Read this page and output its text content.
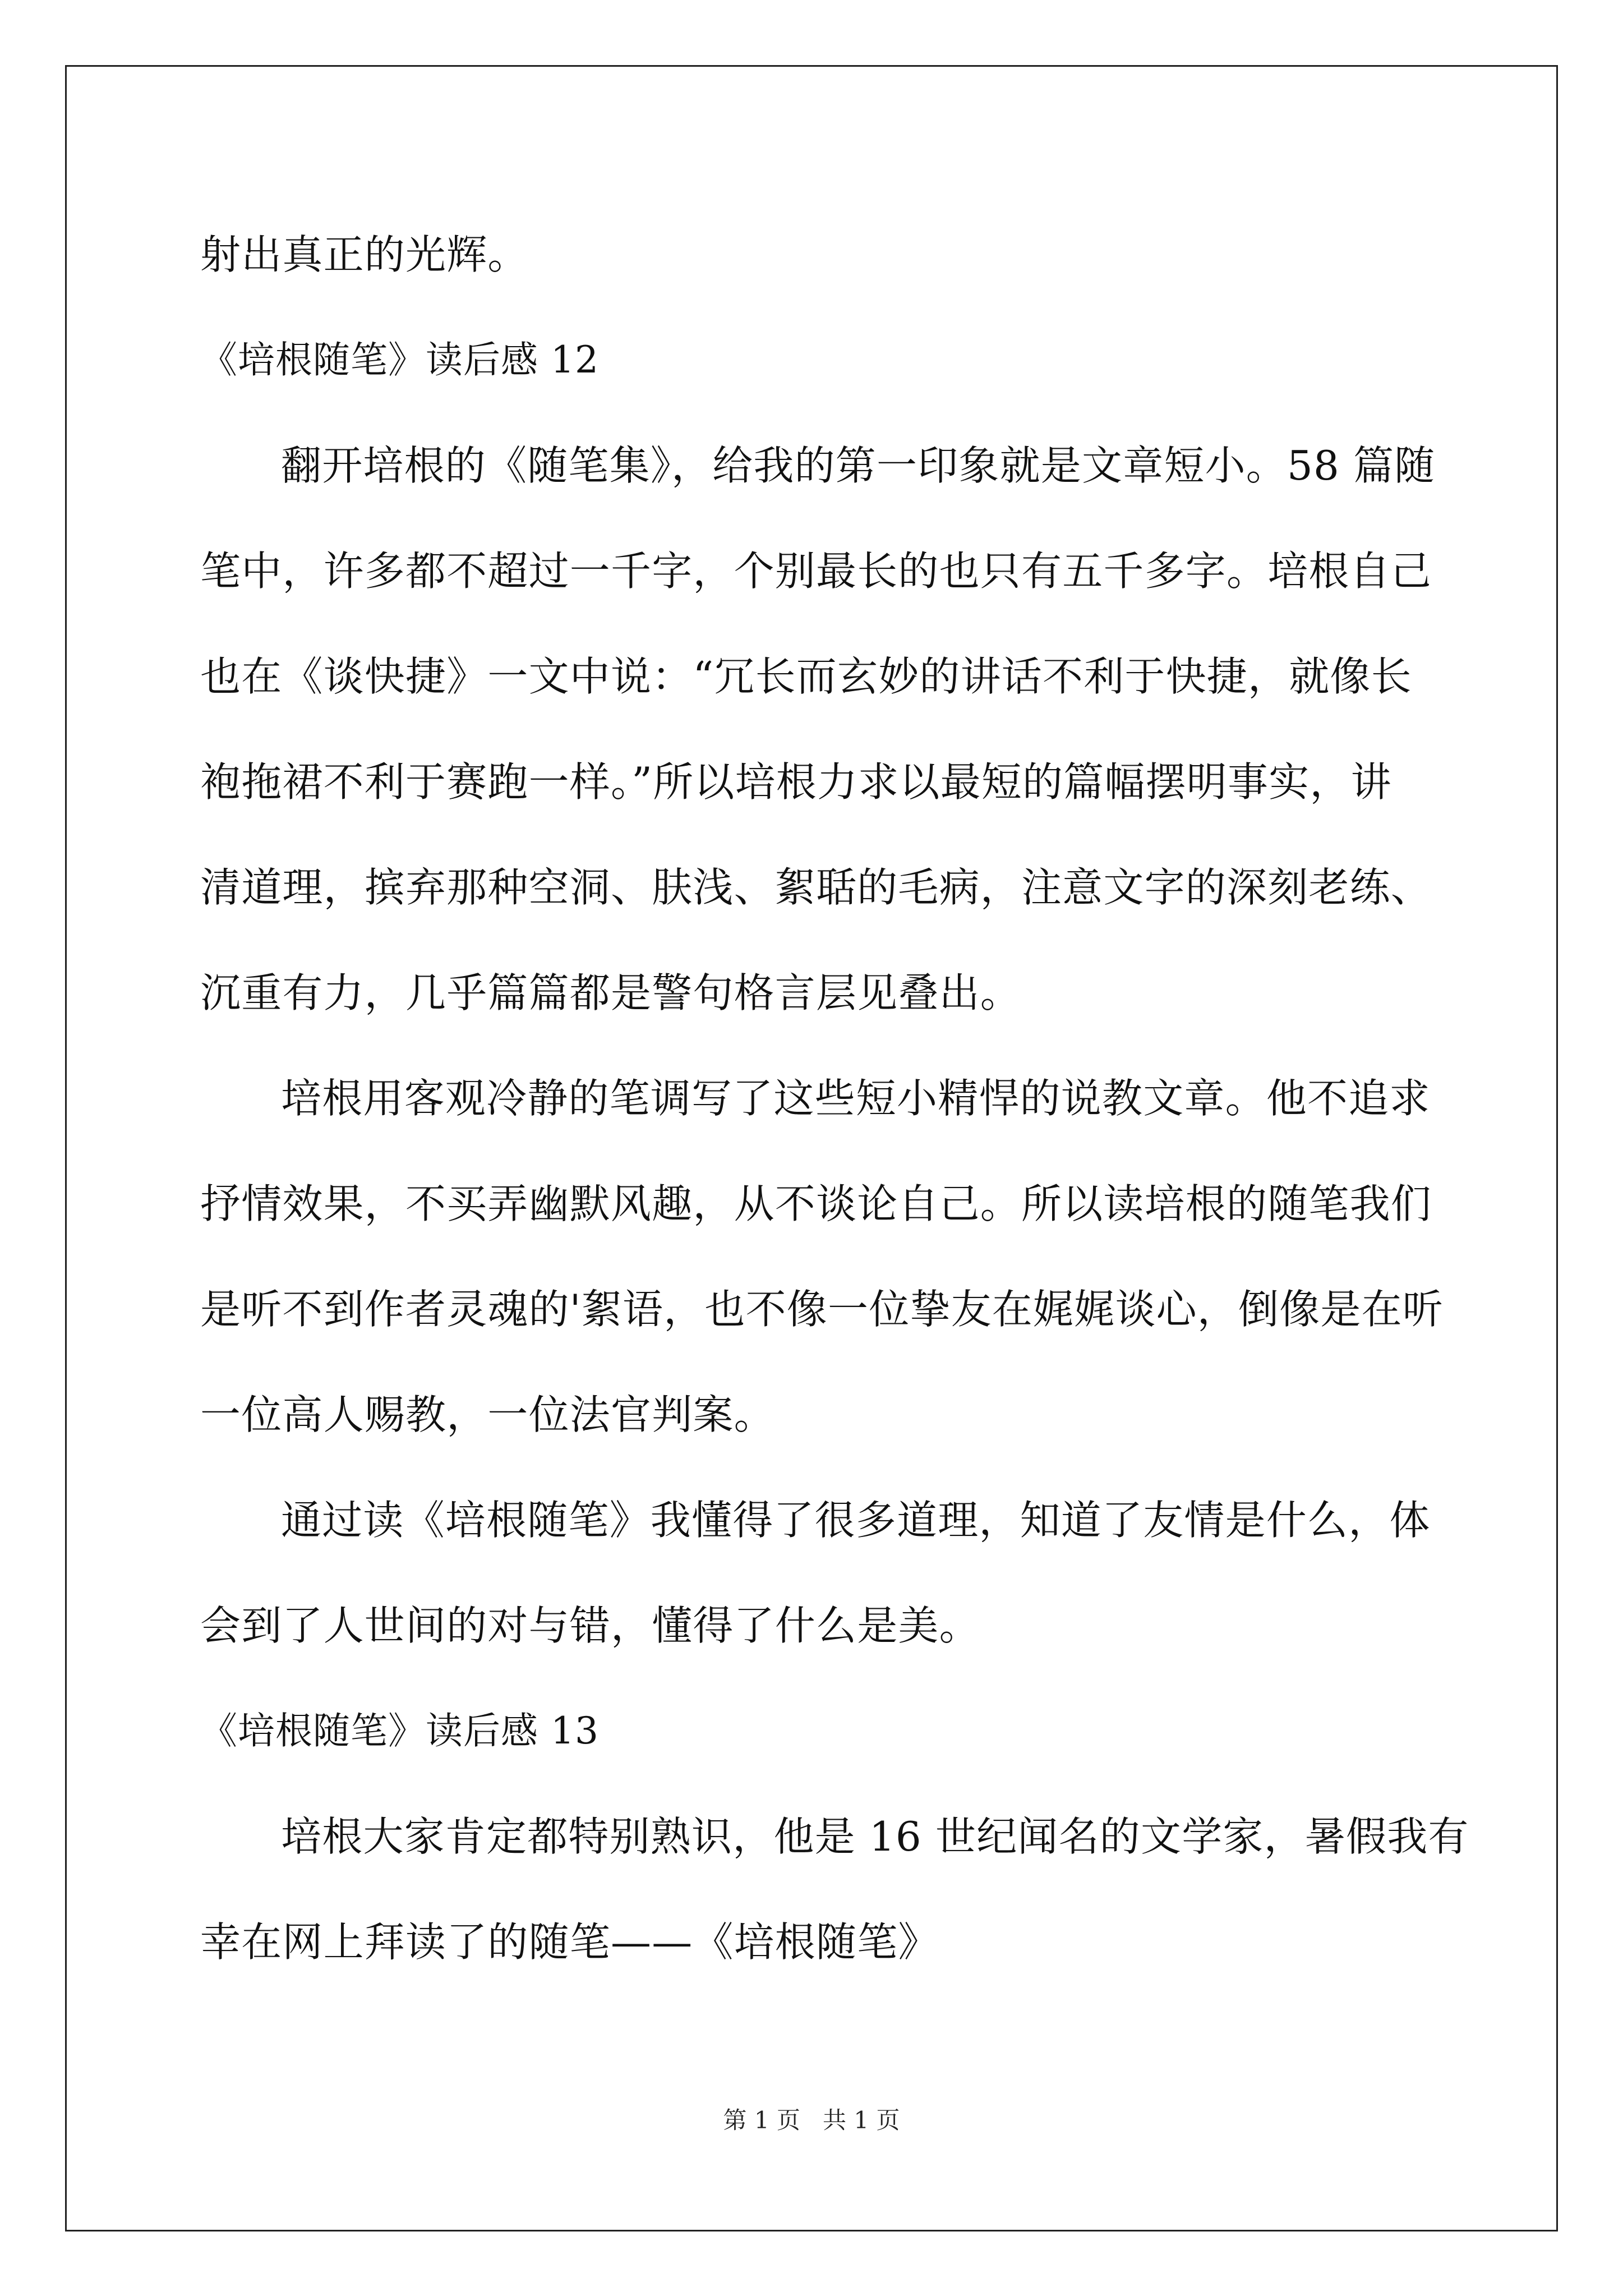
射出真正的光辉。
《培根随笔》读后感 12
翻开培根的《随笔集》，给我的第一印象就是文章短小。58 篇随
笔中，许多都不超过一千字，个别最长的也只有五千多字。培根自己
也在《谈快捷》一文中说：“冗长而玄妙的讲话不利于快捷，就像长
袍拖裙不利于赛跑一样。”所以培根力求以最短的篇幅摆明事实，讲
清道理，摈弃那种空洞、肤浅、絮聒的毛病，注意文字的深刻老练、
沉重有力，几乎篇篇都是警句格言层见叠出。
培根用客观冷静的笔调写了这些短小精悍的说教文章。他不追求
抒情效果，不买弄幽默风趣，从不谈论自己。所以读培根的随笔我们
是听不到作者灵魂的'絮语，也不像一位挚友在娓娓谈心，倒像是在听
一位高人赐教，一位法官判案。
通过读《培根随笔》我懂得了很多道理，知道了友情是什么，体
会到了人世间的对与错，懂得了什么是美。
《培根随笔》读后感 13
培根大家肯定都特别熟识，他是 16 世纪闻名的文学家，暑假我有
幸在网上拜读了的随笔——《培根随笔》
第 1 页   共 1 页
